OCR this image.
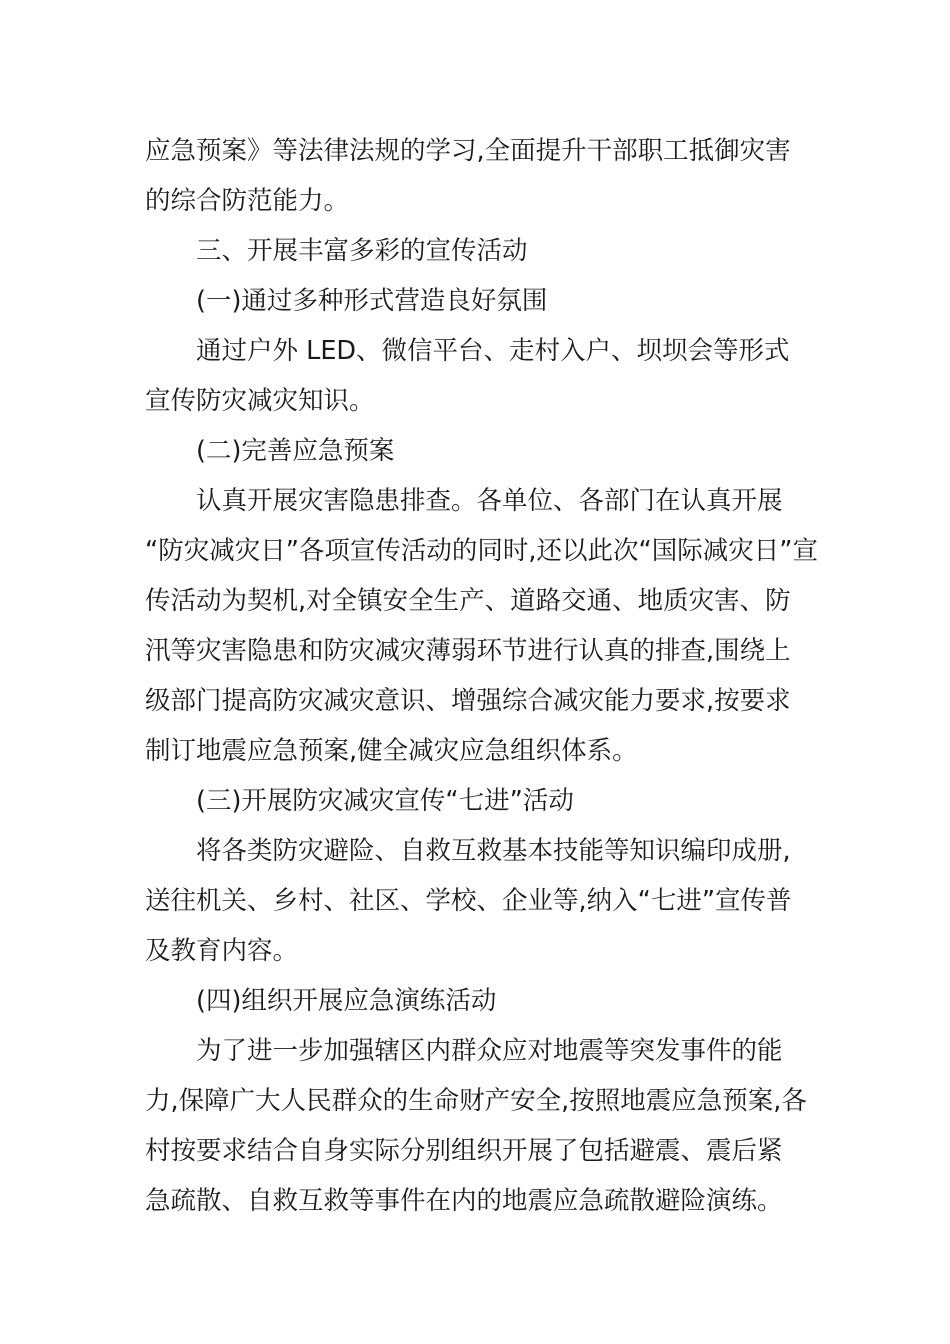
应急预案》等法律法规的学习,全面提升干部职工抵御灾害
的综合防范能力。
三、开展丰富多彩的宣传活动
(一)通过多种形式营造良好氛围
通过户外 LED、微信平台、走村入户、坝坝会等形式
宣传防灾减灾知识。
(二)完善应急预案
认真开展灾害隐患排查。各单位、各部门在认真开展
“防灾减灾日”各项宣传活动的同时,还以此次“国际减灾日”宣
传活动为契机,对全镇安全生产、道路交通、地质灾害、防
汛等灾害隐患和防灾减灾薄弱环节进行认真的排查,围绕上
级部门提高防灾减灾意识、增强综合减灾能力要求,按要求
制订地震应急预案,健全减灾应急组织体系。
(三)开展防灾减灾宣传“七进”活动
将各类防灾避险、自救互救基本技能等知识编印成册,
送往机关、乡村、社区、学校、企业等,纳入“七进”宣传普
及教育内容。
(四)组织开展应急演练活动
为了进一步加强辖区内群众应对地震等突发事件的能
力,保障广大人民群众的生命财产安全,按照地震应急预案,各
村按要求结合自身实际分别组织开展了包括避震、震后紧
急疏散、自救互救等事件在内的地震应急疏散避险演练。
